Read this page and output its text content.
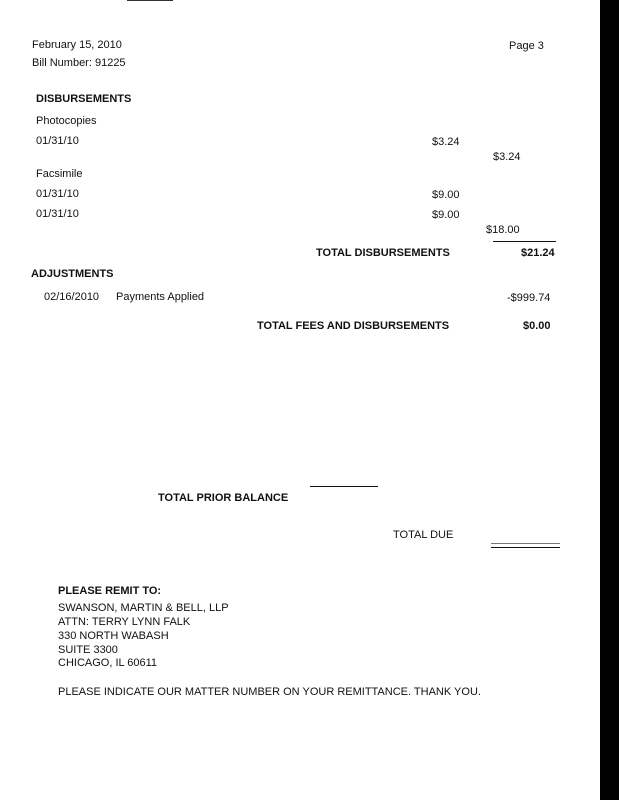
February 15, 2010
Bill Number: 91225
Page 3
DISBURSEMENTS
Photocopies
01/31/10	$3.24
$3.24
Facsimile
01/31/10	$9.00
01/31/10	$9.00
$18.00
TOTAL DISBURSEMENTS	$21.24
ADJUSTMENTS
02/16/2010 Payments Applied	-$999.74
TOTAL FEES AND DISBURSEMENTS	$0.00
TOTAL PRIOR BALANCE
TOTAL DUE
PLEASE REMIT TO:
SWANSON, MARTIN & BELL, LLP
ATTN: TERRY LYNN FALK
330 NORTH WABASH
SUITE 3300
CHICAGO, IL 60611
PLEASE INDICATE OUR MATTER NUMBER ON YOUR REMITTANCE. THANK YOU.
